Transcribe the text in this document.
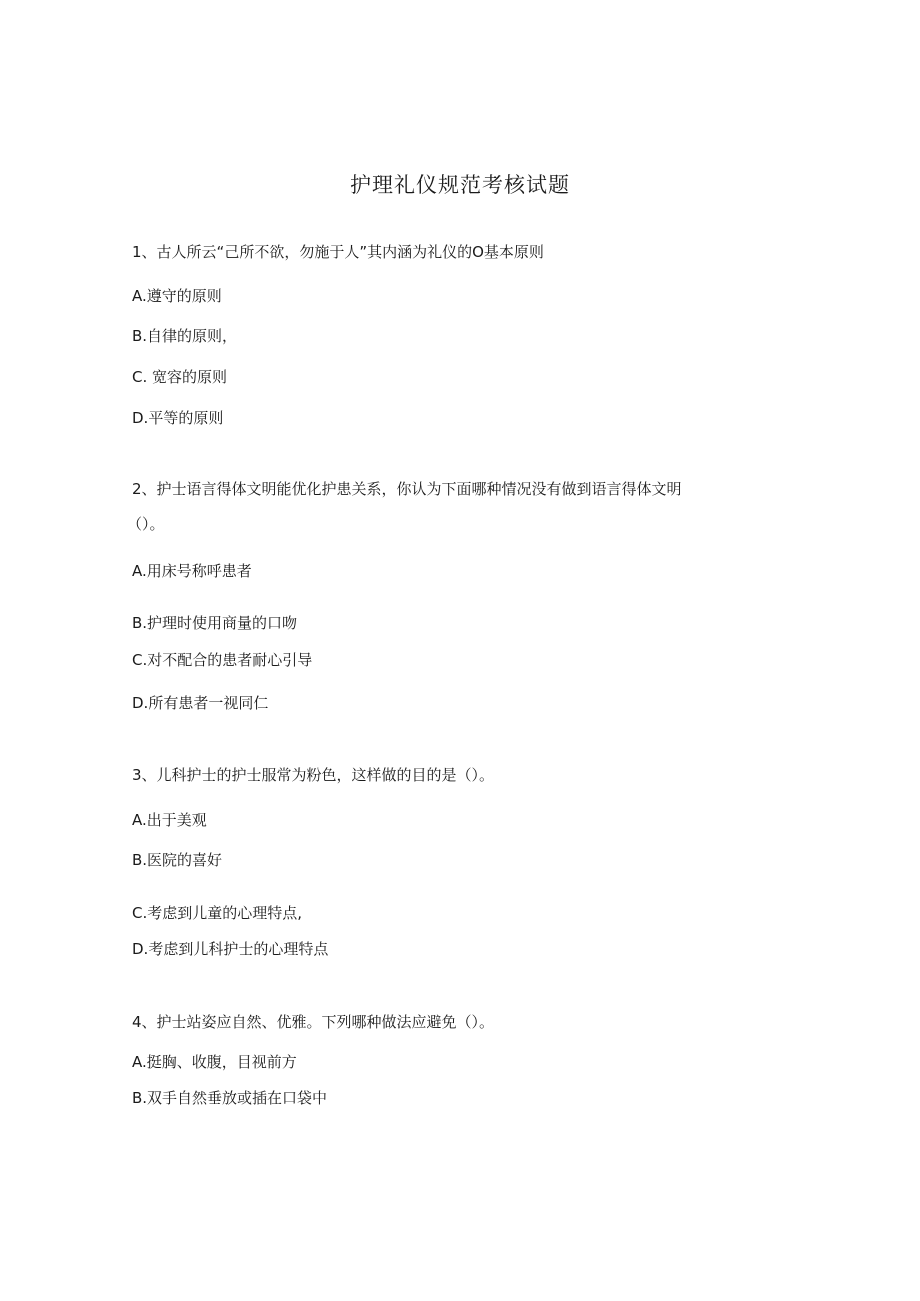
护理礼仪规范考核试题
1、古人所云“己所不欲，勿施于人”其内涵为礼仪的O基本原则
A.遵守的原则
B.自律的原则，
C. 宽容的原则
D.平等的原则
2、护士语言得体文明能优化护患关系，你认为下面哪种情况没有做到语言得体文明
（）。
A.用床号称呼患者
B.护理时使用商量的口吻
C.对不配合的患者耐心引导
D.所有患者一视同仁
3、儿科护士的护士服常为粉色，这样做的目的是（）。
A.出于美观
B.医院的喜好
C.考虑到儿童的心理特点,
D.考虑到儿科护士的心理特点
4、护士站姿应自然、优雅。下列哪种做法应避免（）。
A.挺胸、收腹，目视前方
B.双手自然垂放或插在口袋中
